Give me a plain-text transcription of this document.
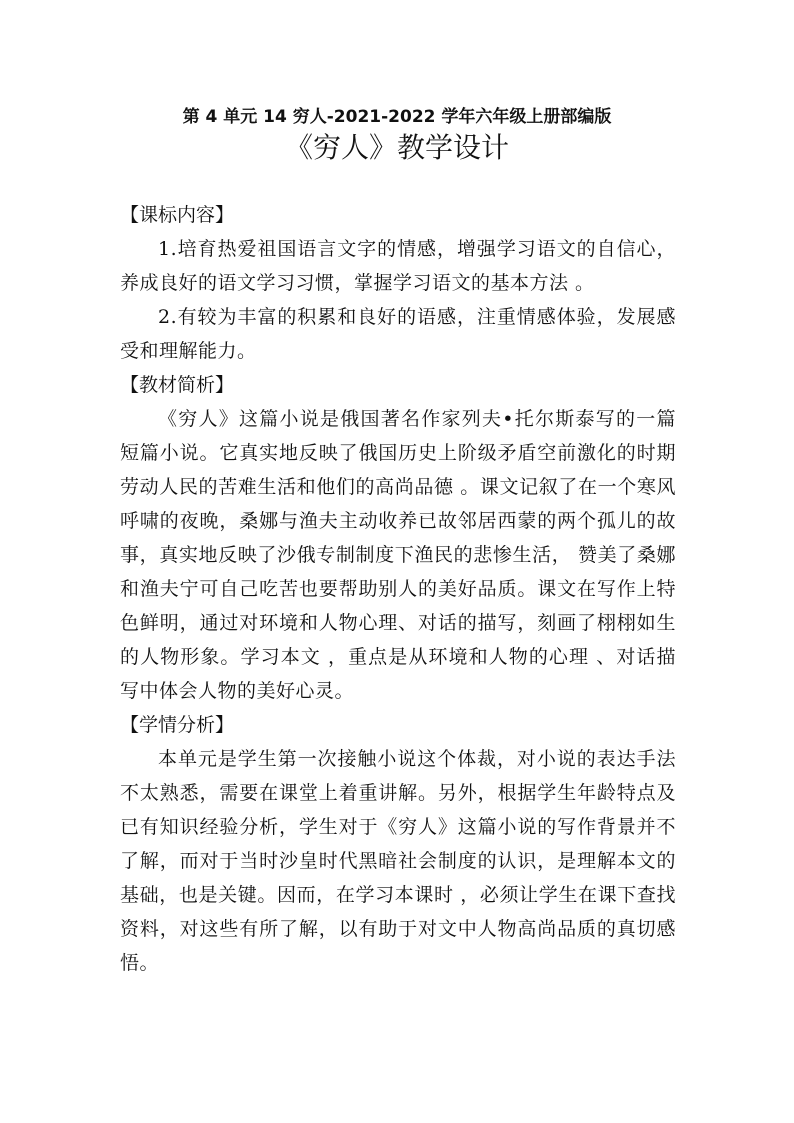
第 4 单元 14 穷人-2021-2022 学年六年级上册部编版
《穷人》教学设计
【课标内容】

1.培育热爱祖国语言文字的情感，增强学习语文的自信心，养成良好的语文学习习惯，掌握学习语文的基本方法 。

2.有较为丰富的积累和良好的语感，注重情感体验，发展感受和理解能力。

【教材简析】

《穷人》这篇小说是俄国著名作家列夫•托尔斯泰写的一篇短篇小说。它真实地反映了俄国历史上阶级矛盾空前激化的时期劳动人民的苦难生活和他们的高尚品德 。课文记叙了在一个寒风呼啸的夜晚，桑娜与渔夫主动收养已故邻居西蒙的两个孤儿的故事，真实地反映了沙俄专制制度下渔民的悲惨生活， 赞美了桑娜和渔夫宁可自己吃苦也要帮助别人的美好品质。课文在写作上特色鲜明，通过对环境和人物心理、对话的描写，刻画了栩栩如生的人物形象。学习本文 ，重点是从环境和人物的心理 、对话描写中体会人物的美好心灵。

【学情分析】

本单元是学生第一次接触小说这个体裁，对小说的表达手法不太熟悉，需要在课堂上着重讲解。另外，根据学生年龄特点及已有知识经验分析，学生对于《穷人》这篇小说的写作背景并不了解，而对于当时沙皇时代黑暗社会制度的认识，是理解本文的基础，也是关键。因而，在学习本课时 ，必须让学生在课下查找资料，对这些有所了解，以有助于对文中人物高尚品质的真切感悟。
